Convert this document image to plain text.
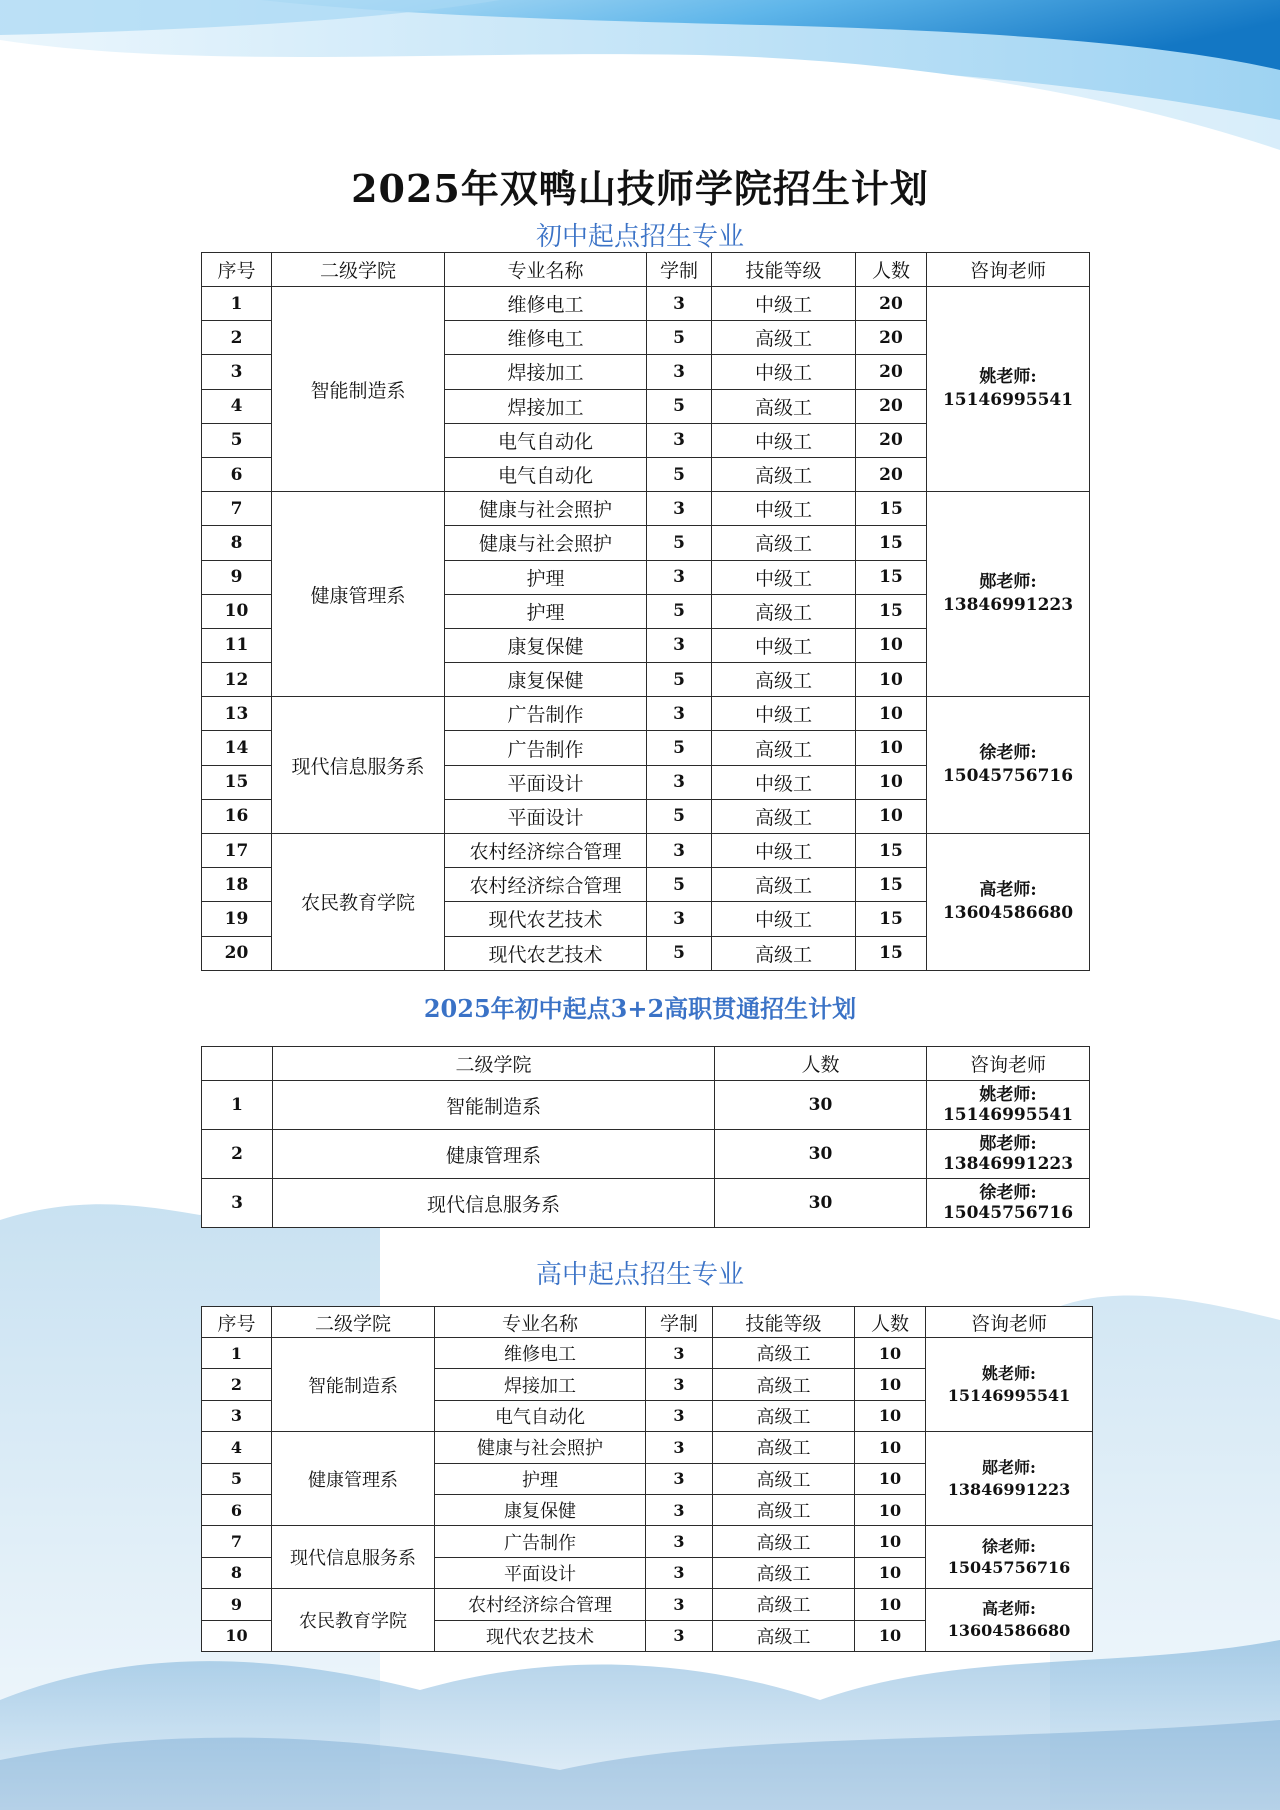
2025年双鸭山技师学院招生计划
初中起点招生专业
序号	二级学院	专业名称	学制	技能等级	人数	咨询老师
1	智能制造系	维修电工	3	中级工	20	姚老师:
15146995541

2		维修电工	5	高级工	20	
3		焊接加工	3	中级工	20	
4		焊接加工	5	高级工	20	
5		电气自动化	3	中级工	20	
6		电气自动化	5	高级工	20	
7	健康管理系	健康与社会照护	3	中级工	15	郧老师:
13846991223

8		健康与社会照护	5	高级工	15	
9		护理	3	中级工	15	
10		护理	5	高级工	15	
11		康复保健	3	中级工	10	
12		康复保健	5	高级工	10	
13	现代信息服务系	广告制作	3	中级工	10	徐老师:
15045756716

14		广告制作	5	高级工	10	
15		平面设计	3	中级工	10	
16		平面设计	5	高级工	10	
17	农民教育学院	农村经济综合管理	3	中级工	15	高老师:
13604586680

18		农村经济综合管理	5	高级工	15	
19		现代农艺技术	3	中级工	15	
20		现代农艺技术	5	高级工	15	
2025年初中起点3+2高职贯通招生计划
	二级学院	人数	咨询老师
1	智能制造系	30	姚老师:
15146995541

2	健康管理系	30	郧老师:
13846991223

3	现代信息服务系	30	徐老师:
15045756716
高中起点招生专业
序号	二级学院	专业名称	学制	技能等级	人数	咨询老师
1	智能制造系	维修电工	3	高级工	10	姚老师:
15146995541

2		焊接加工	3	高级工	10	
3		电气自动化	3	高级工	10	
4	健康管理系	健康与社会照护	3	高级工	10	郧老师:
13846991223

5		护理	3	高级工	10	
6		康复保健	3	高级工	10	
7	现代信息服务系	广告制作	3	高级工	10	徐老师:
15045756716

8		平面设计	3	高级工	10	
9	农民教育学院	农村经济综合管理	3	高级工	10	高老师:
13604586680

10		现代农艺技术	3	高级工	10	
